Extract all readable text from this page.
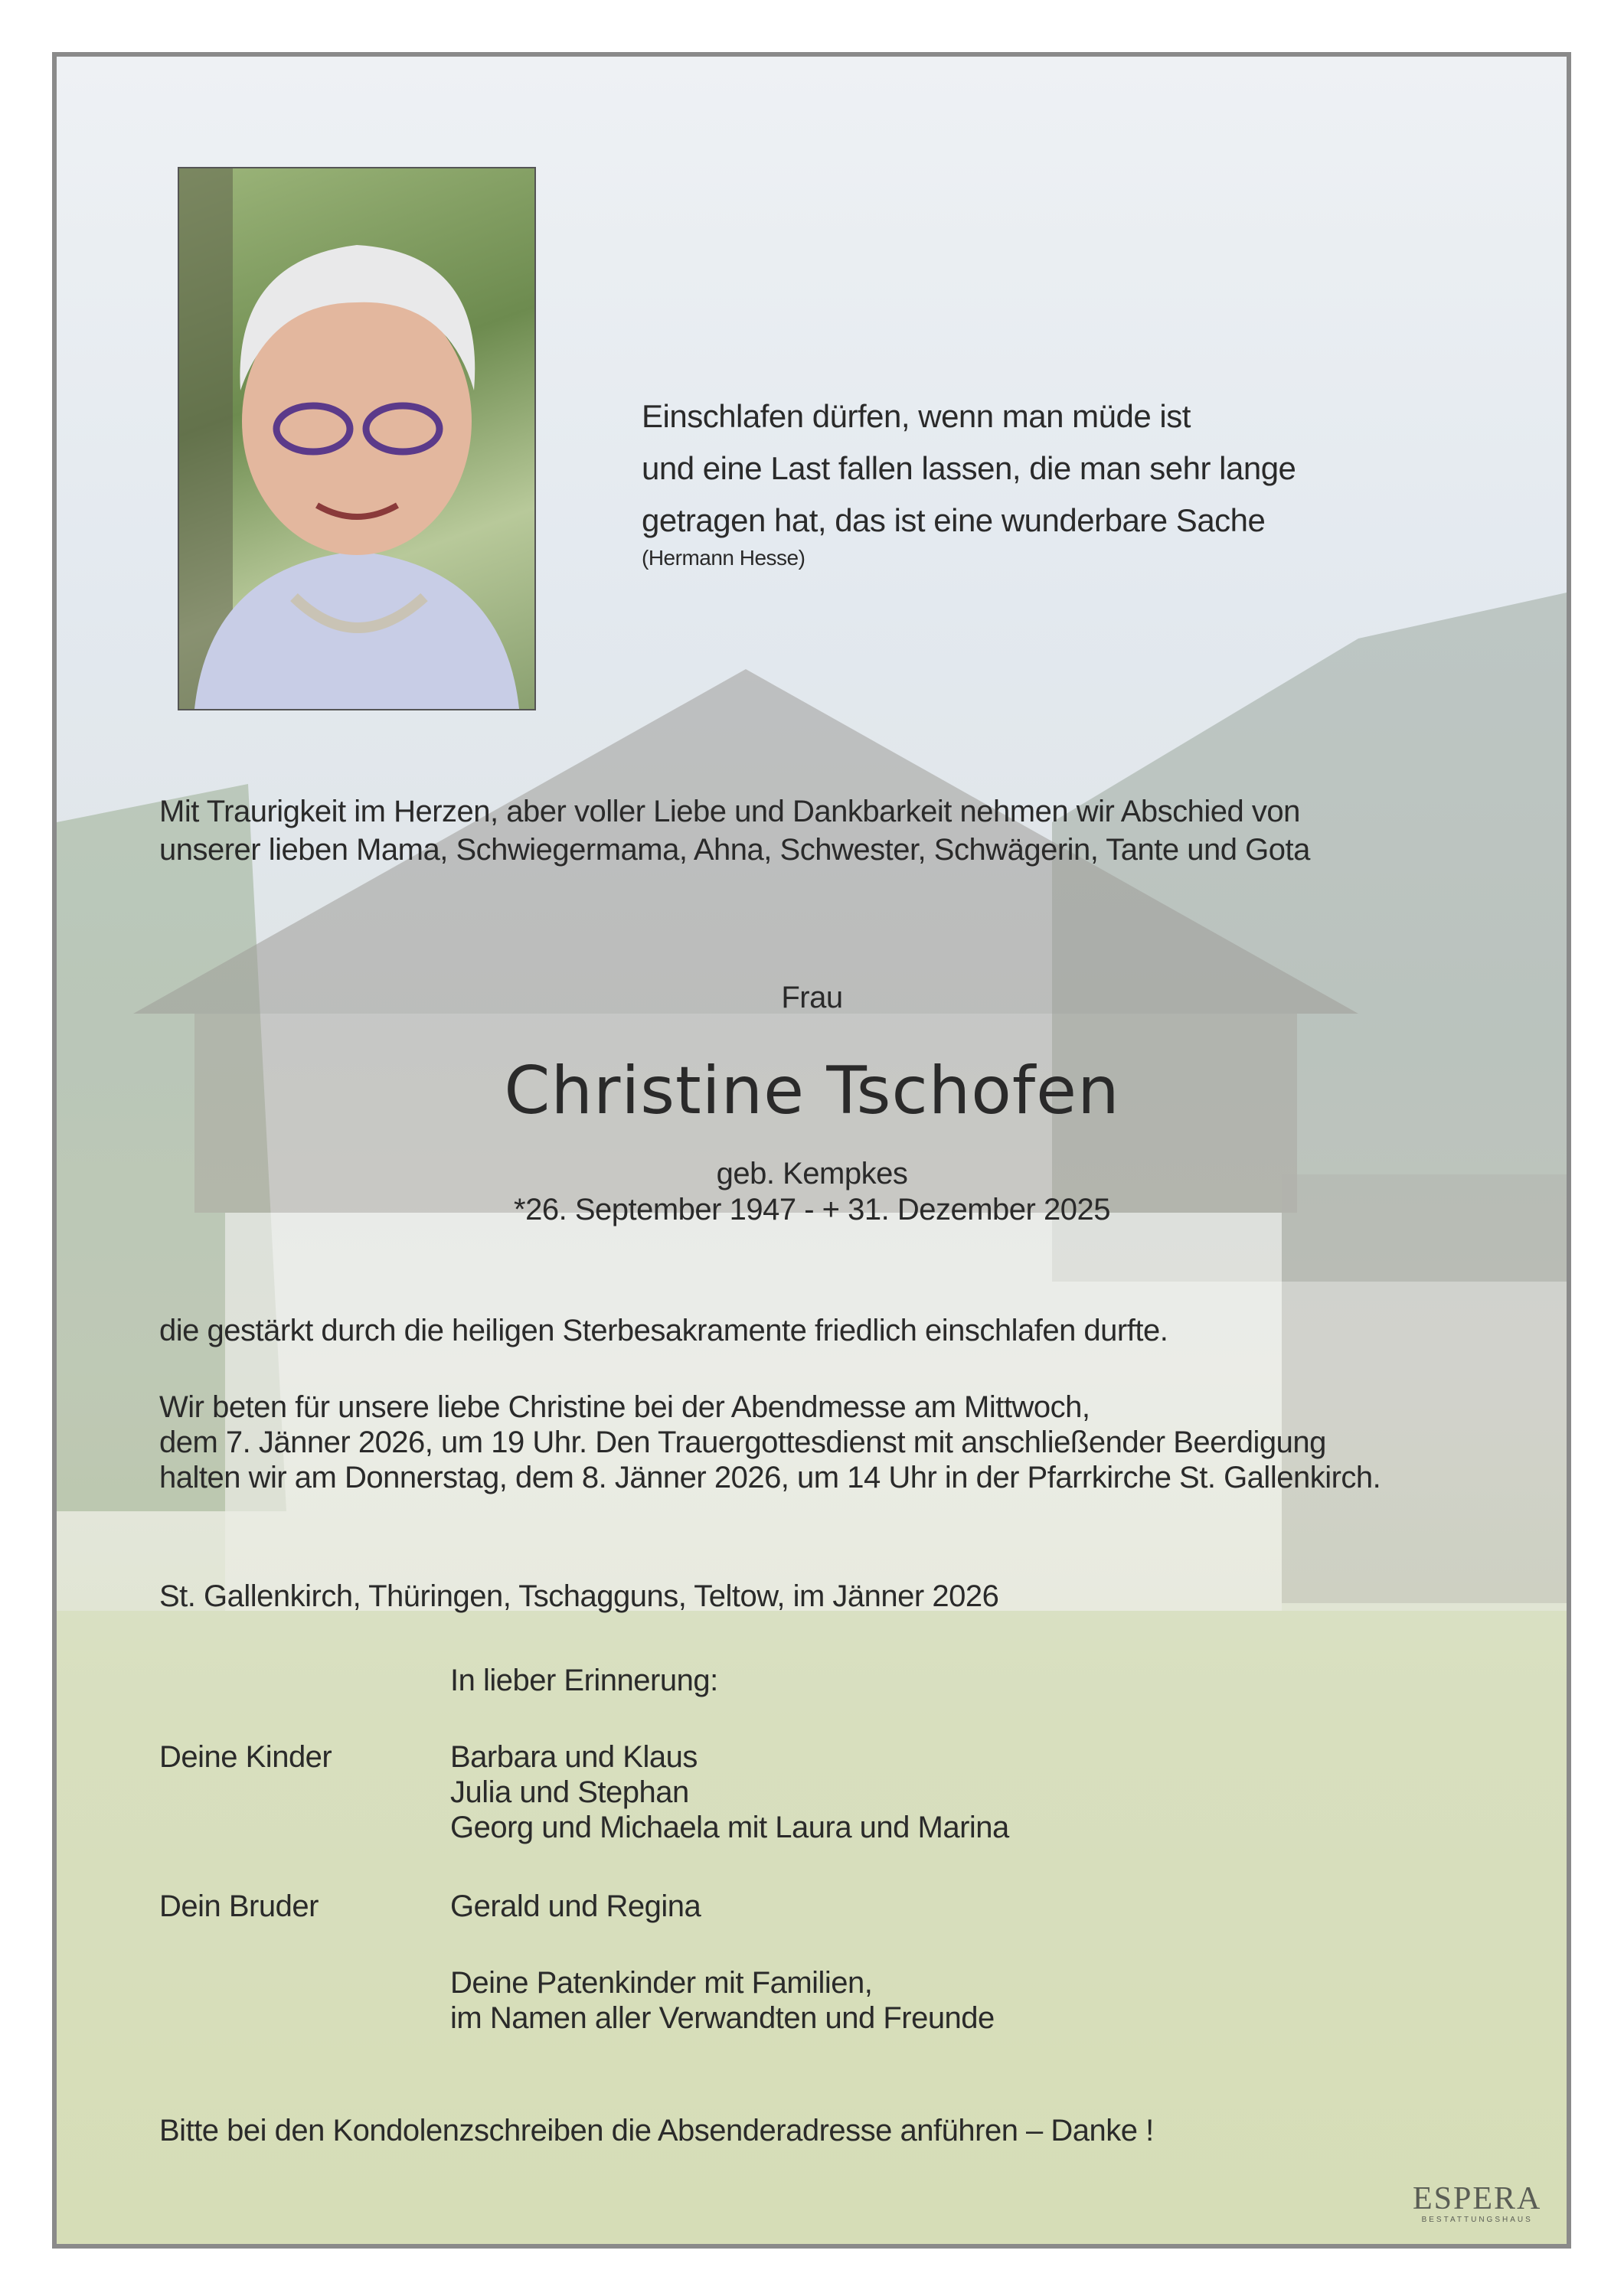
Einschlafen dürfen, wenn man müde ist
und eine Last fallen lassen, die man sehr lange
getragen hat, das ist eine wunderbare Sache
(Hermann Hesse)
Mit Traurigkeit im Herzen, aber voller Liebe und Dankbarkeit nehmen wir Abschied von
unserer lieben Mama, Schwiegermama, Ahna, Schwester, Schwägerin, Tante und Gota
Frau
Christine Tschofen
geb. Kempkes
*26. September 1947 - + 31. Dezember 2025
die gestärkt durch die heiligen Sterbesakramente friedlich einschlafen durfte.
Wir beten für unsere liebe Christine bei der Abendmesse am Mittwoch,
dem 7. Jänner 2026, um 19 Uhr. Den Trauergottesdienst mit anschließender Beerdigung
halten wir am Donnerstag, dem 8. Jänner 2026, um 14 Uhr in der Pfarrkirche St. Gallenkirch.
St. Gallenkirch, Thüringen, Tschagguns, Teltow, im Jänner 2026
In lieber Erinnerung:
Deine Kinder	Barbara und Klaus
Julia und Stephan
Georg und Michaela mit Laura und Marina
Dein Bruder	Gerald und Regina
Deine Patenkinder mit Familien,
im Namen aller Verwandten und Freunde
Bitte bei den Kondolenzschreiben die Absenderadresse anführen – Danke !
ESPERA
BESTATTUNGSHAUS
